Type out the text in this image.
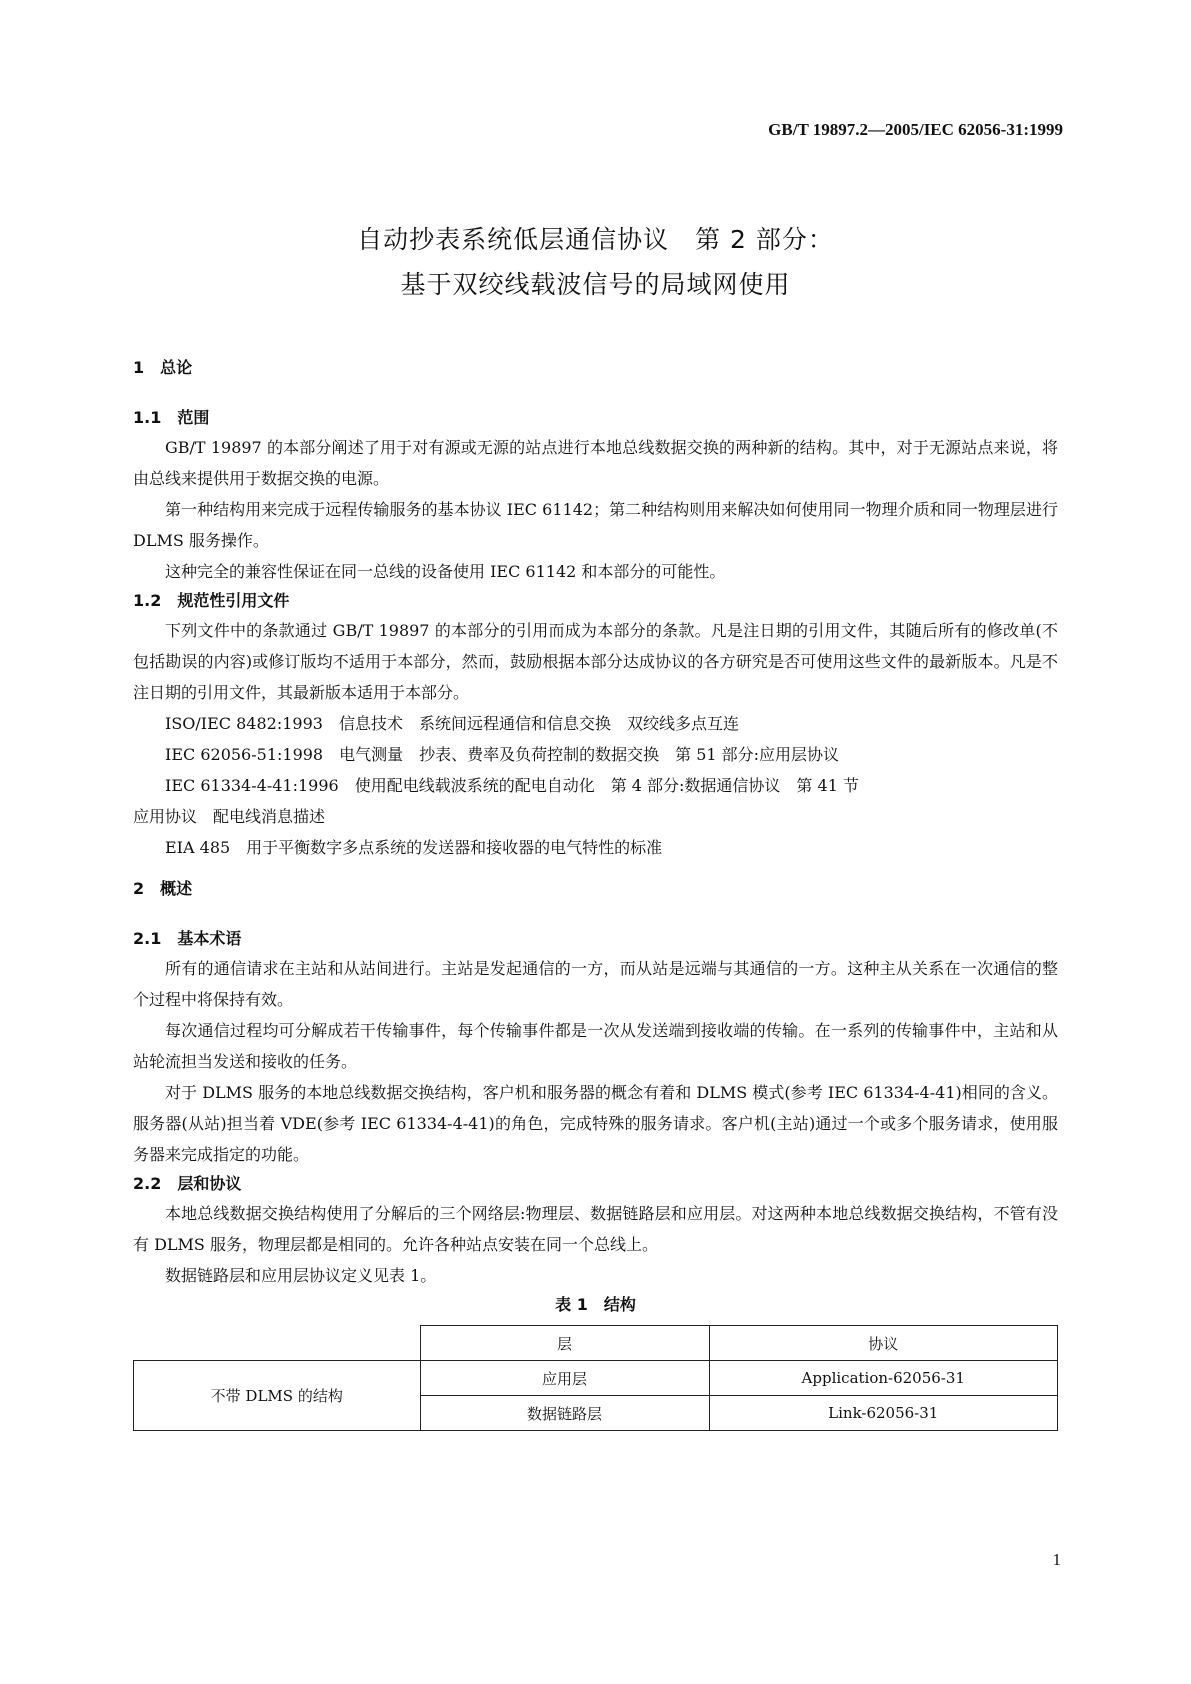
GB/T 19897.2—2005/IEC 62056-31:1999
自动抄表系统低层通信协议　第 2 部分：
基于双绞线载波信号的局域网使用
1　总论
1.1　范围

GB/T 19897 的本部分阐述了用于对有源或无源的站点进行本地总线数据交换的两种新的结构。其中，对于无源站点来说，将由总线来提供用于数据交换的电源。

第一种结构用来完成于远程传输服务的基本协议 IEC 61142；第二种结构则用来解决如何使用同一物理介质和同一物理层进行 DLMS 服务操作。

这种完全的兼容性保证在同一总线的设备使用 IEC 61142 和本部分的可能性。

1.2　规范性引用文件

下列文件中的条款通过 GB/T 19897 的本部分的引用而成为本部分的条款。凡是注日期的引用文件，其随后所有的修改单(不包括勘误的内容)或修订版均不适用于本部分，然而，鼓励根据本部分达成协议的各方研究是否可使用这些文件的最新版本。凡是不注日期的引用文件，其最新版本适用于本部分。

ISO/IEC 8482:1993　信息技术　系统间远程通信和信息交换　双绞线多点互连

IEC 62056-51:1998　电气测量　抄表、费率及负荷控制的数据交换　第 51 部分:应用层协议

IEC 61334-4-41:1996　使用配电线载波系统的配电自动化　第 4 部分:数据通信协议　第 41 节

应用协议　配电线消息描述

EIA 485　用于平衡数字多点系统的发送器和接收器的电气特性的标准

2　概述
2.1　基本术语

所有的通信请求在主站和从站间进行。主站是发起通信的一方，而从站是远端与其通信的一方。这种主从关系在一次通信的整个过程中将保持有效。

每次通信过程均可分解成若干传输事件，每个传输事件都是一次从发送端到接收端的传输。在一系列的传输事件中，主站和从站轮流担当发送和接收的任务。

对于 DLMS 服务的本地总线数据交换结构，客户机和服务器的概念有着和 DLMS 模式(参考 IEC 61334-4-41)相同的含义。服务器(从站)担当着 VDE(参考 IEC 61334-4-41)的角色，完成特殊的服务请求。客户机(主站)通过一个或多个服务请求，使用服务器来完成指定的功能。

2.2　层和协议

本地总线数据交换结构使用了分解后的三个网络层:物理层、数据链路层和应用层。对这两种本地总线数据交换结构，不管有没有 DLMS 服务，物理层都是相同的。允许各种站点安装在同一个总线上。

数据链路层和应用层协议定义见表 1。

表 1　结构
	层	协议
不带 DLMS 的结构	应用层	Application-62056-31
	数据链路层	Link-62056-31
1
